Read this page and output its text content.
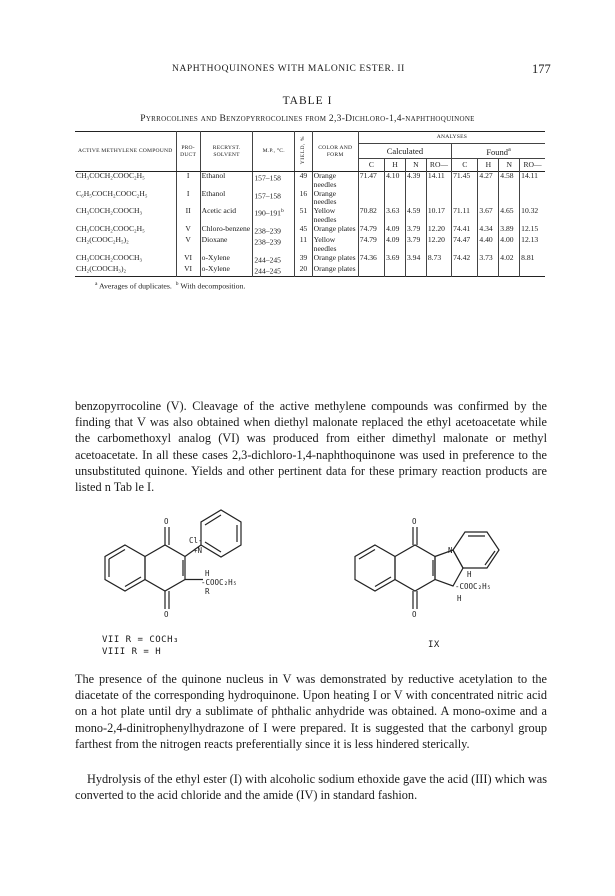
NAPHTHOQUINONES WITH MALONIC ESTER. II	177
TABLE I
Pyrrocolines and Benzopyrrocolines from 2,3-Dichloro-1,4-naphthoquinone
ACTIVE METHYLENE COMPOUND	PRO-DUCT	RECRYST. SOLVENT	M.P., °C.	YIELD, %	COLOR AND FORM	ANALYSES							
						Calculated				Found$^a$
						C	H	N	RO—	C	H	N	RO—
CH₃COCH₂COOC₂H₅	I	Ethanol	157–158	49	Orange needles	71.47	4.10	4.39	14.11	71.45	4.27	4.58	14.11
C₆H₅COCH₂COOC₂H₅	I	Ethanol	157–158	16	Orange needles								
CH₃COCH₂COOCH₃	II	Acetic acid	190–191$^b$	51	Yellow needles	70.82	3.63	4.59	10.17	71.11	3.67	4.65	10.32
CH₃COCH₂COOC₂H₅	V	Chloro-benzene	238–239	45	Orange plates	74.79	4.09	3.79	12.20	74.41	4.34	3.89	12.15
CH₂(COOC₂H₅)₂	V	Dioxane	238–239	11	Yellow needles	74.79	4.09	3.79	12.20	74.47	4.40	4.00	12.13
CH₃COCH₂COOCH₃	VI	o-Xylene	244–245	39	Orange plates	74.36	3.69	3.94	8.73	74.42	3.73	4.02	8.81
CH₂(COOCH₃)₂	VI	o-Xylene	244–245	20	Orange plates								
$^a$ Averages of duplicates. $^b$ With decomposition.

benzopyrrocoline (V). Cleavage of the active methylene compounds was confirmed by the finding that V was also obtained when diethyl malonate replaced the ethyl acetoacetate while the carbomethoxyl analog (VI) was produced from either dimethyl malonate or methyl acetoacetate. In all these cases 2,3-dichloro-1,4-naphthoquinone was used in preference to the unsubstituted quinone. Yields and other pertinent data for these primary reaction products are listed n Tab le I.

Cl-
+N
H
-COOC₂H₅
R
O
O
N
H
-COOC₂H₅
H
O
O
VII R = COCH₃
VIII R = H
IX

The presence of the quinone nucleus in V was demonstrated by reductive acetylation to the diacetate of the corresponding hydroquinone. Upon heating I or V with concentrated nitric acid on a hot plate until dry a sublimate of phthalic anhydride was obtained. A mono-oxime and a mono-2,4-dinitrophenylhydrazone of I were prepared. It is suggested that the carbonyl group farthest from the nitrogen reacts preferentially since it is less hindered sterically.

Hydrolysis of the ethyl ester (I) with alcoholic sodium ethoxide gave the acid (III) which was converted to the acid chloride and the amide (IV) in standard fashion.
